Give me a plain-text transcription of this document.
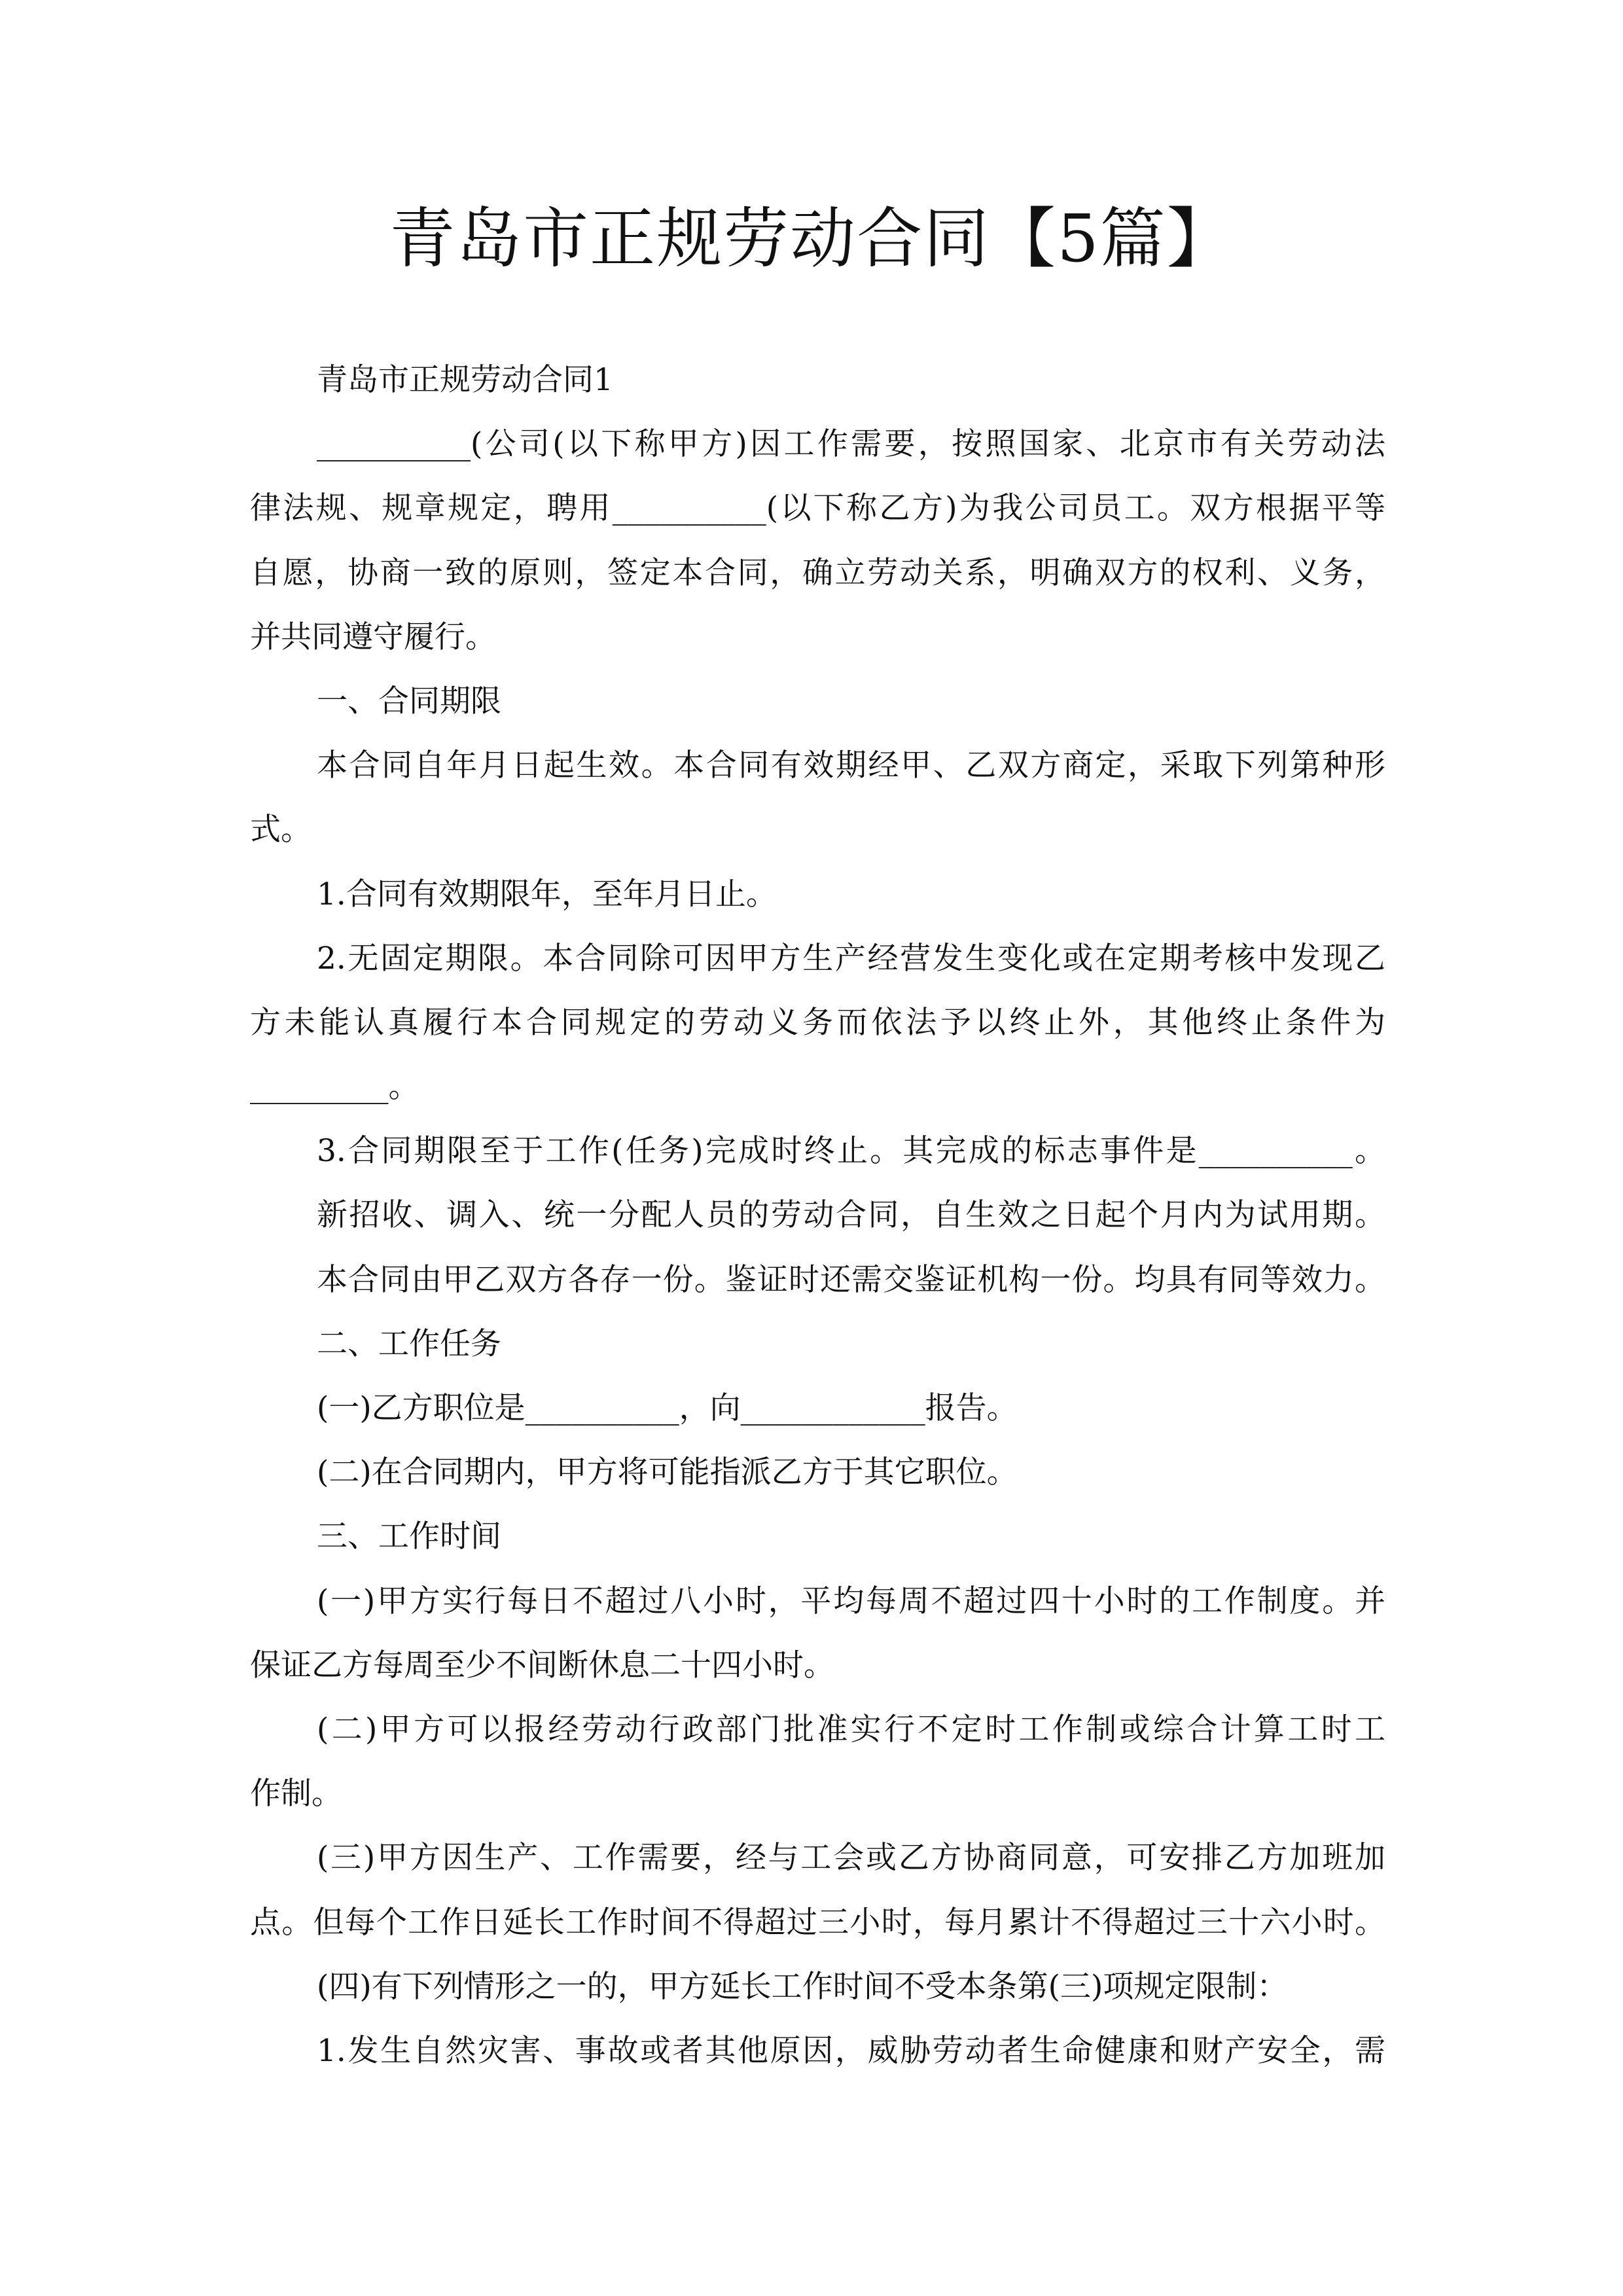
青岛市正规劳动合同【5篇】
青岛市正规劳动合同1
__________(公司(以下称甲方)因工作需要，按照国家、北京市有关劳动法
律法规、规章规定，聘用__________(以下称乙方)为我公司员工。双方根据平等
自愿，协商一致的原则，签定本合同，确立劳动关系，明确双方的权利、义务，
并共同遵守履行。
一、合同期限
本合同自年月日起生效。本合同有效期经甲、乙双方商定，采取下列第种形
式。
1.合同有效期限年，至年月日止。
2.无固定期限。本合同除可因甲方生产经营发生变化或在定期考核中发现乙
方未能认真履行本合同规定的劳动义务而依法予以终止外，其他终止条件为
_________。
3.合同期限至于工作(任务)完成时终止。其完成的标志事件是__________。
新招收、调入、统一分配人员的劳动合同，自生效之日起个月内为试用期。
本合同由甲乙双方各存一份。鉴证时还需交鉴证机构一份。均具有同等效力。
二、工作任务
(一)乙方职位是__________，向____________报告。
(二)在合同期内，甲方将可能指派乙方于其它职位。
三、工作时间
(一)甲方实行每日不超过八小时，平均每周不超过四十小时的工作制度。并
保证乙方每周至少不间断休息二十四小时。
(二)甲方可以报经劳动行政部门批准实行不定时工作制或综合计算工时工
作制。
(三)甲方因生产、工作需要，经与工会或乙方协商同意，可安排乙方加班加
点。但每个工作日延长工作时间不得超过三小时，每月累计不得超过三十六小时。
(四)有下列情形之一的，甲方延长工作时间不受本条第(三)项规定限制：
1.发生自然灾害、事故或者其他原因，威胁劳动者生命健康和财产安全，需
